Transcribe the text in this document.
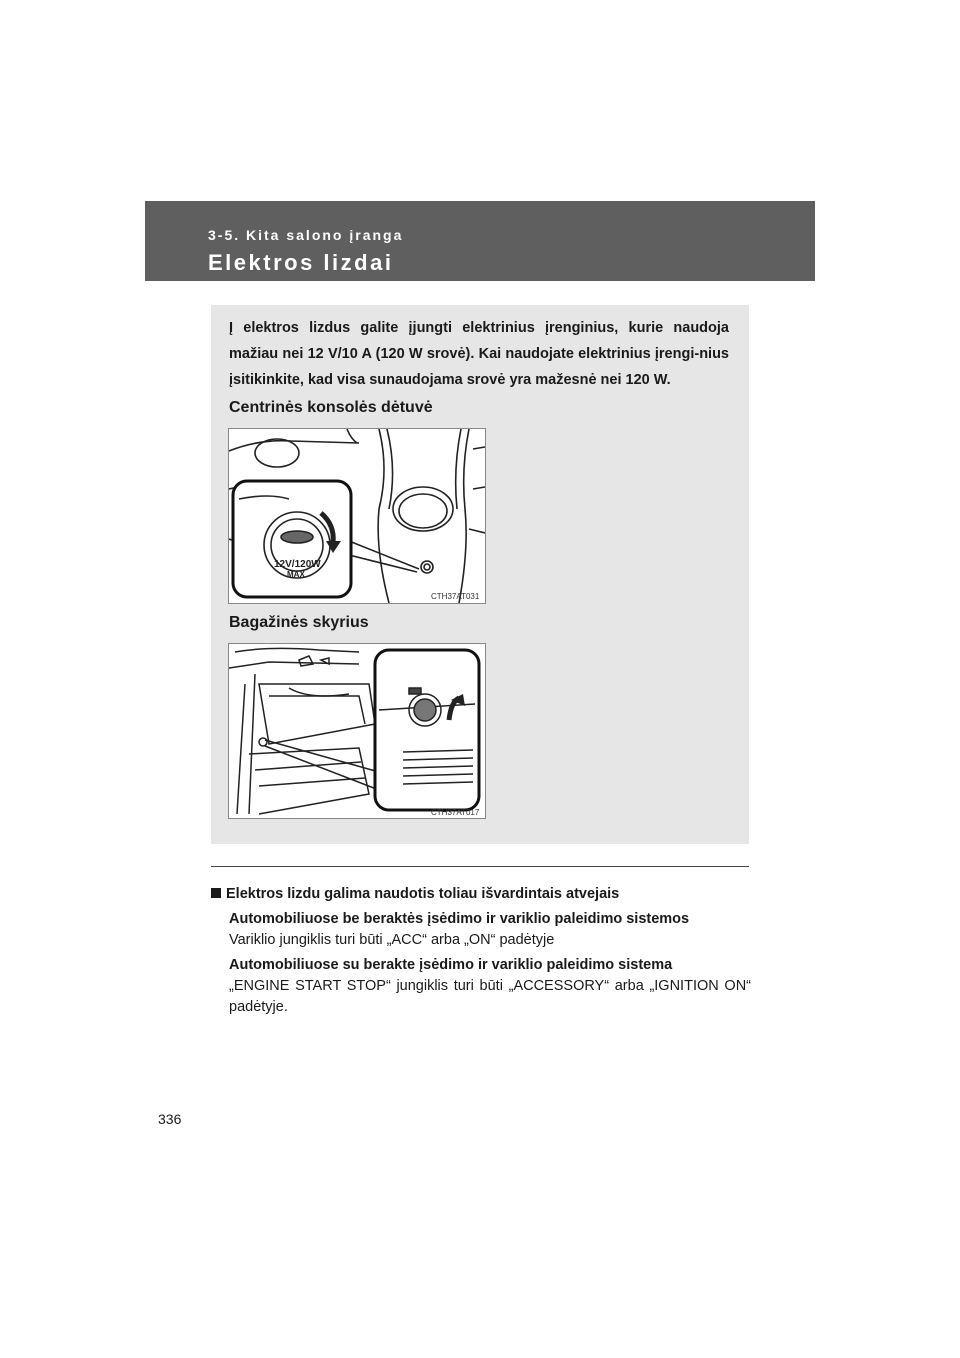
3-5. Kita salono įranga
Elektros lizdai
Į elektros lizdus galite įjungti elektrinius įrenginius, kurie naudoja mažiau nei 12 V/10 A (120 W srovė). Kai naudojate elektrinius įrengi-nius įsitikinkite, kad visa sunaudojama srovė yra mažesnė nei 120 W.
Centrinės konsolės dėtuvė
12V/120W
MAX
CTH37AT031
Bagažinės skyrius
CTH37AT017
Elektros lizdu galima naudotis toliau išvardintais atvejais
Automobiliuose be beraktės įsėdimo ir variklio paleidimo sistemos
Variklio jungiklis turi būti „ACC“ arba „ON“ padėtyje
Automobiliuose su berakte įsėdimo ir variklio paleidimo sistema
„ENGINE START STOP“ jungiklis turi būti „ACCESSORY“ arba „IGNITION ON“ padėtyje.
336
